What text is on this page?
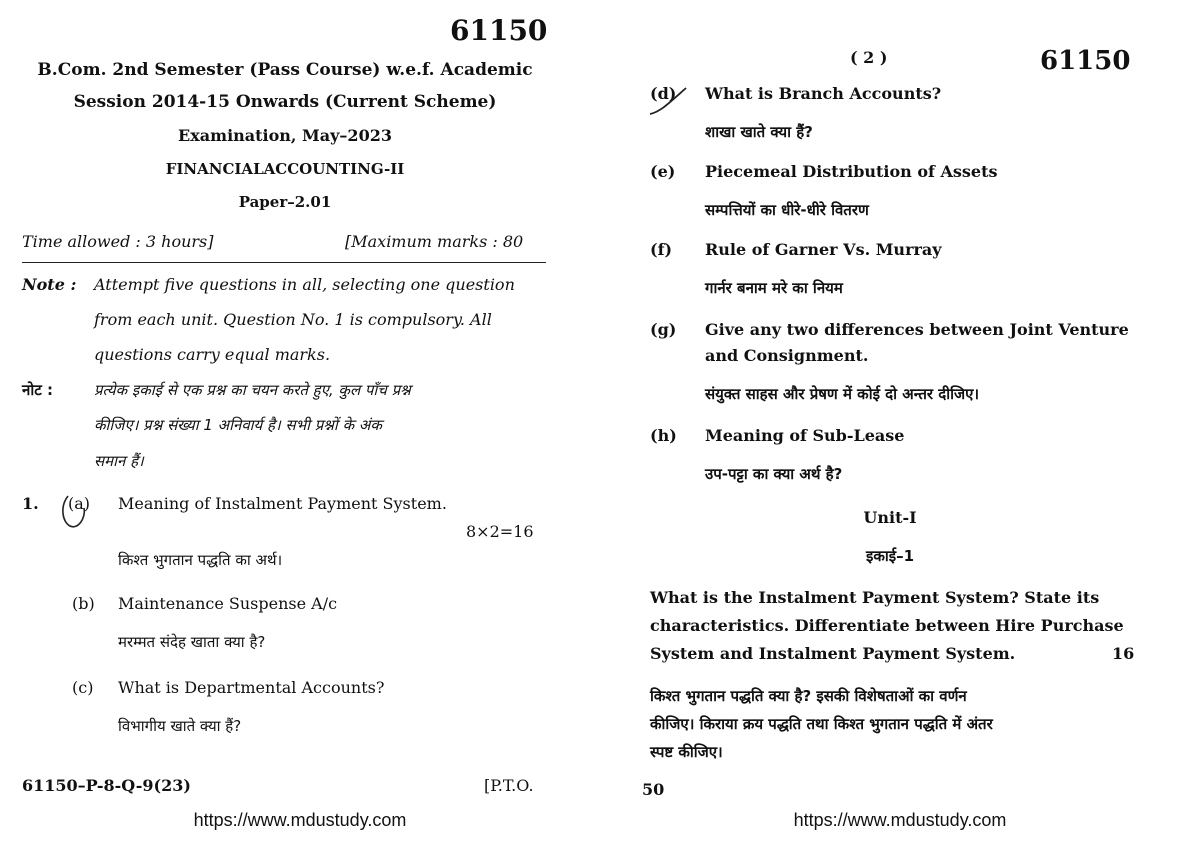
61150
B.Com. 2nd Semester (Pass Course) w.e.f. Academic
Session 2014-15 Onwards (Current Scheme)
Examination, May–2023
FINANCIALACCOUNTING-II
Paper–2.01
Time allowed : 3 hours]	[Maximum marks : 80
Note : Attempt five questions in all, selecting one question
from each unit. Question No. 1 is compulsory. All
questions carry equal marks.
नोट :	प्रत्येक इकाई से एक प्रश्न का चयन करते हुए, कुल पाँच प्रश्न
कीजिए। प्रश्न संख्या 1 अनिवार्य है। सभी प्रश्नों के अंक
समान हैं।
1. (a) Meaning of Instalment Payment System.
8×2=16
किश्त भुगतान पद्धति का अर्थ।
(b) Maintenance Suspense A/c
मरम्मत संदेह खाता क्या है?
(c) What is Departmental Accounts?
विभागीय खाते क्या हैं?
61150–P-8-Q-9(23)	[P.T.O.
https://www.mdustudy.com
( 2 )	61150
(d) What is Branch Accounts?
शाखा खाते क्या हैं?
(e) Piecemeal Distribution of Assets
सम्पत्तियों का धीरे-धीरे वितरण
(f) Rule of Garner Vs. Murray
गार्नर बनाम मरे का नियम
(g) Give any two differences between Joint Venture
and Consignment.
संयुक्त साहस और प्रेषण में कोई दो अन्तर दीजिए।
(h) Meaning of Sub-Lease
उप-पट्टा का क्या अर्थ है?
Unit-I
इकाई–1
What is the Instalment Payment System? State its
characteristics. Differentiate between Hire Purchase
System and Instalment Payment System.	16
किश्त भुगतान पद्धति क्या है? इसकी विशेषताओं का वर्णन
कीजिए। किराया क्रय पद्धति तथा किश्त भुगतान पद्धति में अंतर
स्पष्ट कीजिए।
50
https://www.mdustudy.com
